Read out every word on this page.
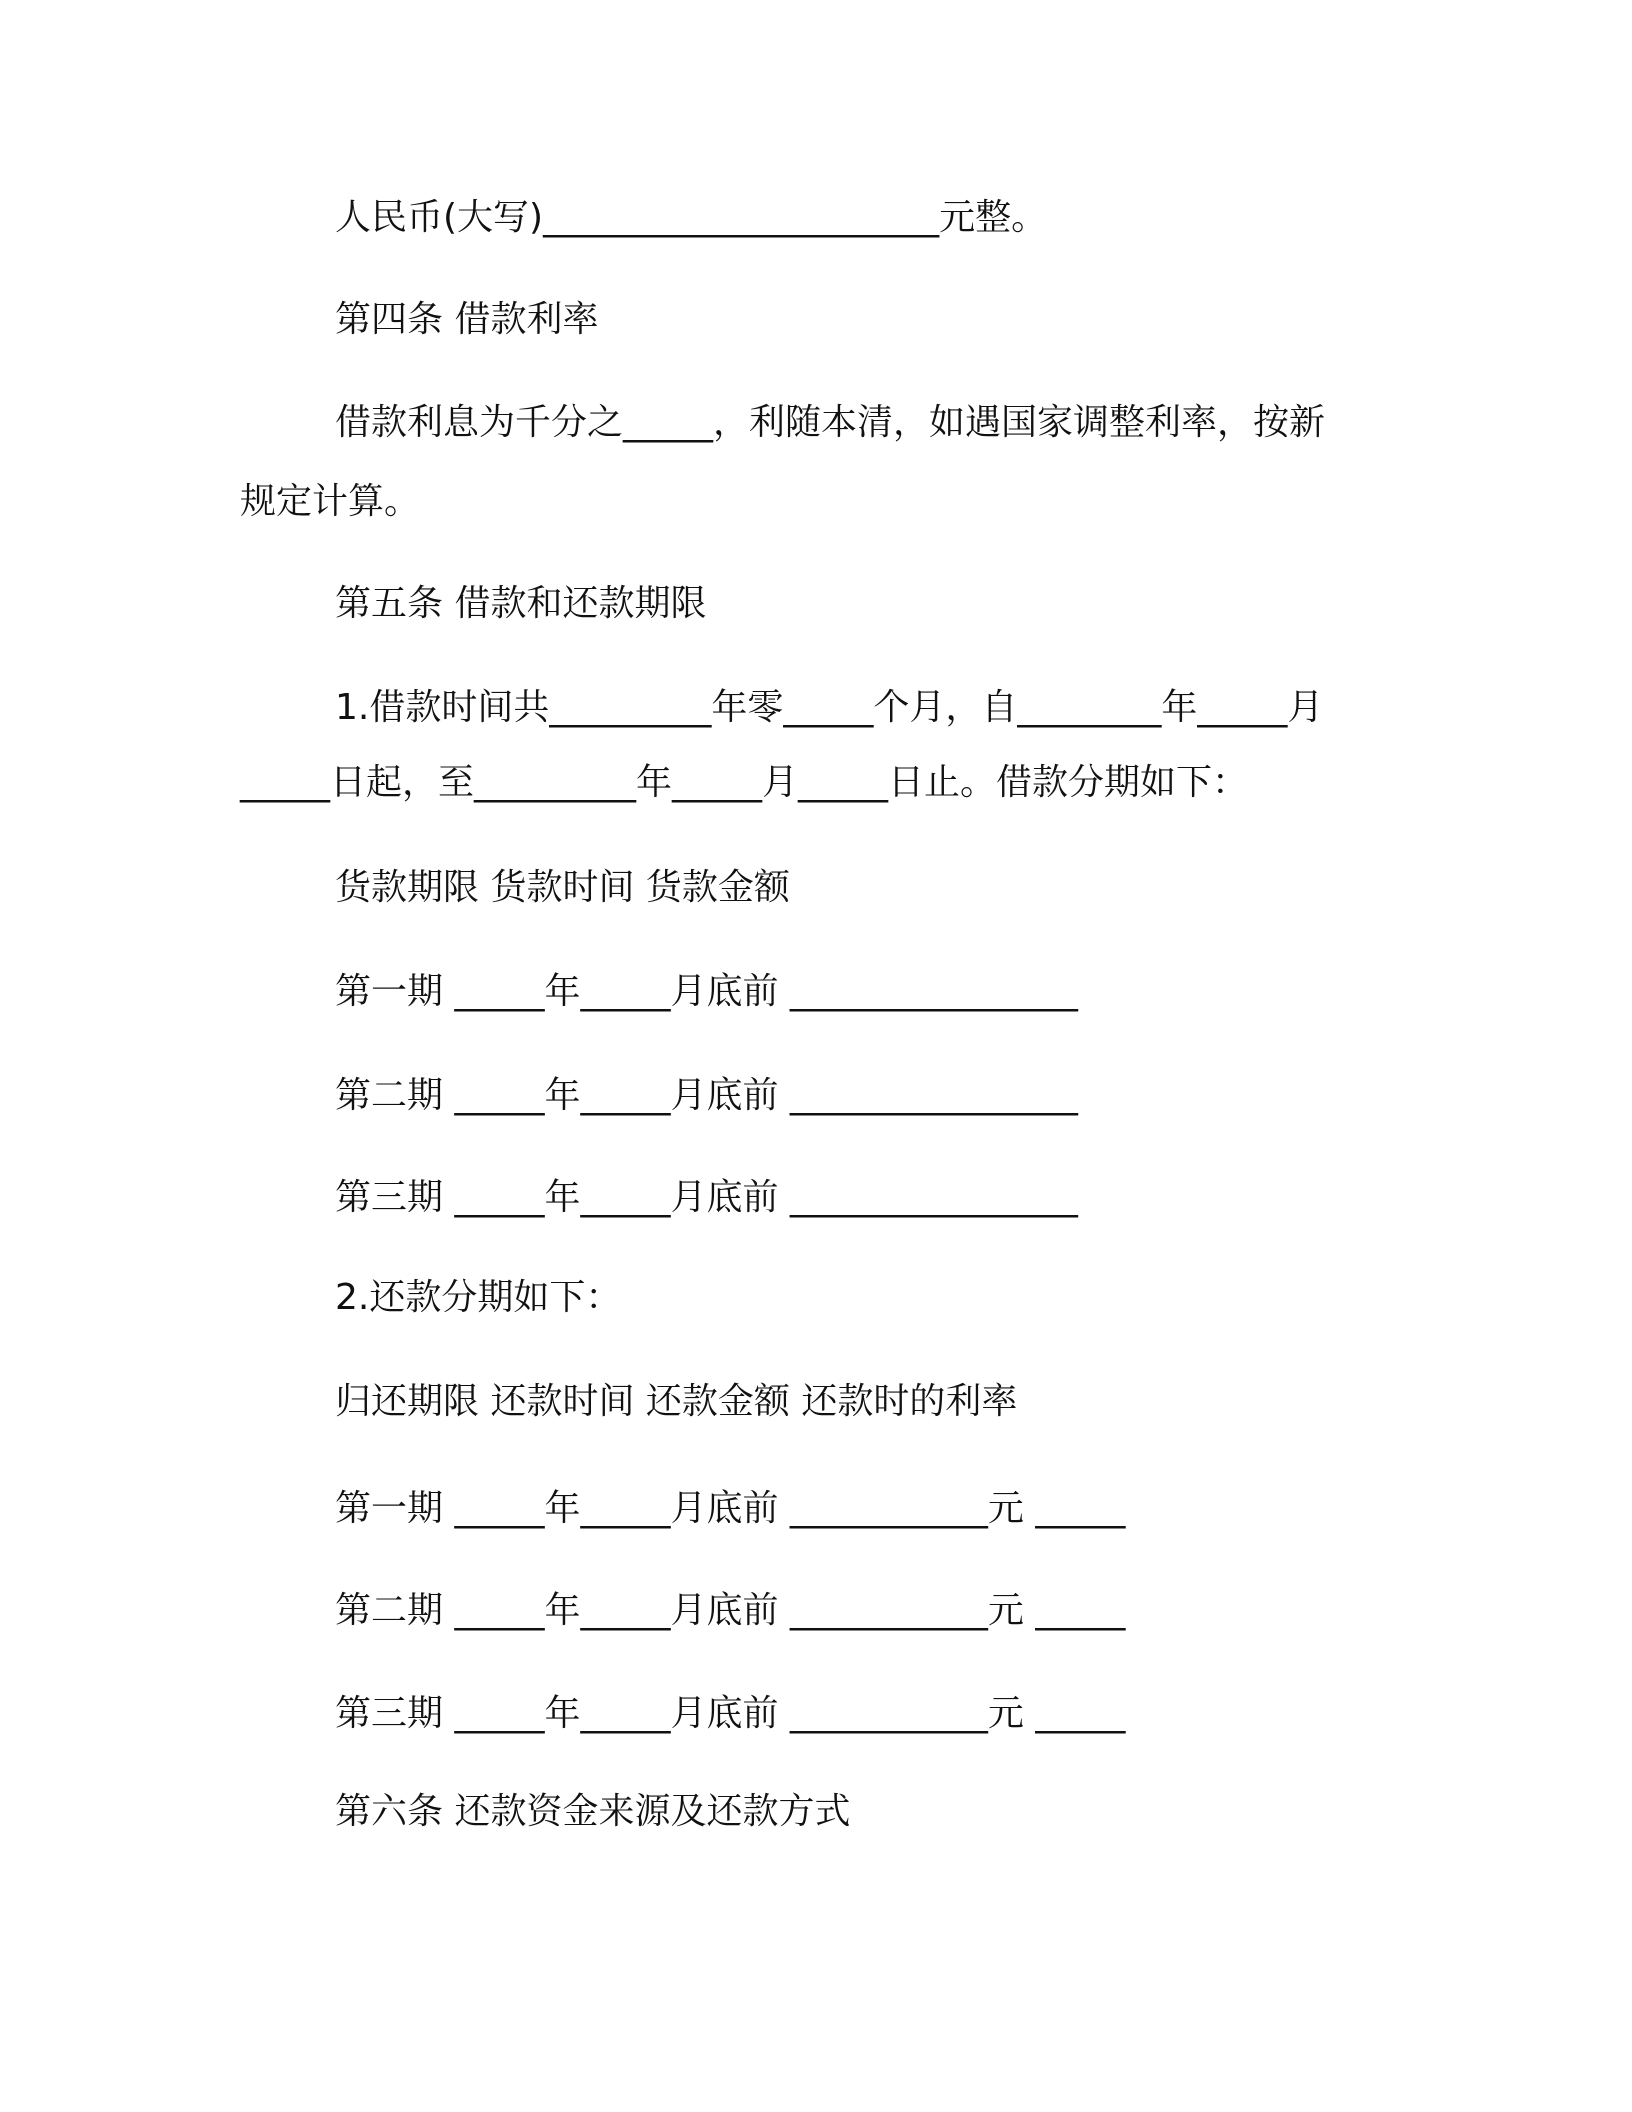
人民币(大写)______________________元整。
第四条 借款利率
借款利息为千分之_____，利随本清，如遇国家调整利率，按新
规定计算。
第五条 借款和还款期限
1.借款时间共_________年零_____个月，自________年_____月
_____日起，至_________年_____月_____日止。借款分期如下：
货款期限 货款时间 货款金额
第一期 _____年_____月底前 ________________
第二期 _____年_____月底前 ________________
第三期 _____年_____月底前 ________________
2.还款分期如下：
归还期限 还款时间 还款金额 还款时的利率
第一期 _____年_____月底前 ___________元 _____
第二期 _____年_____月底前 ___________元 _____
第三期 _____年_____月底前 ___________元 _____
第六条 还款资金来源及还款方式
